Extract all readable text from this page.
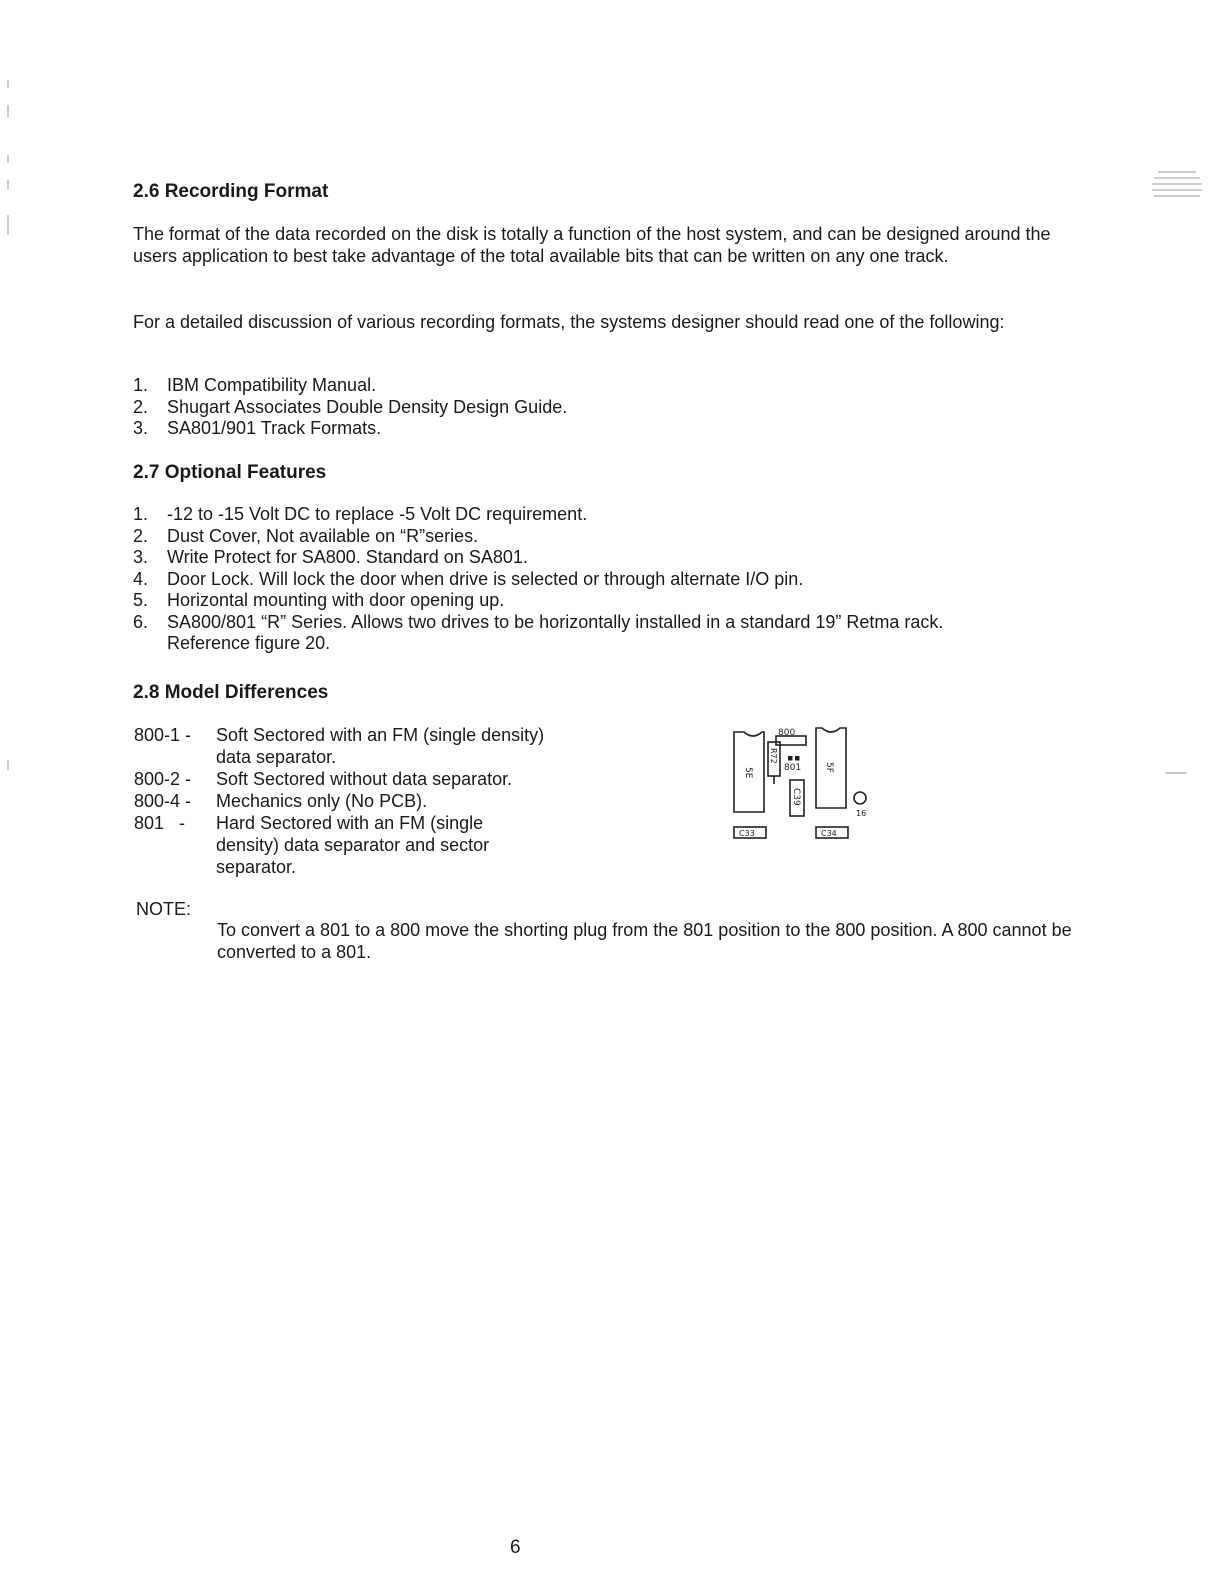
2.6 Recording Format

The format of the data recorded on the disk is totally a function of the host system, and can be designed around the users application to best take advantage of the total available bits that can be written on any one track.

For a detailed discussion of various recording formats, the systems designer should read one of the following:

1. IBM Compatibility Manual.
2. Shugart Associates Double Density Design Guide.
3. SA801/901 Track Formats.
2.7 Optional Features
1. -12 to -15 Volt DC to replace -5 Volt DC requirement.
2. Dust Cover, Not available on “R”series.
3. Write Protect for SA800. Standard on SA801.
4. Door Lock. Will lock the door when drive is selected or through alternate I/O pin.
5. Horizontal mounting with door opening up.
6. SA800/801 “R” Series. Allows two drives to be horizontally installed in a standard 19” Retma rack. Reference figure 20.
2.8 Model Differences
800-1 - Soft Sectored with an FM (single density) data separator.
800-2 - Soft Sectored without data separator.
800-4 - Mechanics only (No PCB).
801   - Hard Sectored with an FM (single density) data separator and sector separator.
5E	5F
800
801
R72
C39
16
C33	C34
NOTE:

To convert a 801 to a 800 move the shorting plug from the 801 position to the 800 position. A 800 cannot be converted to a 801.

6
